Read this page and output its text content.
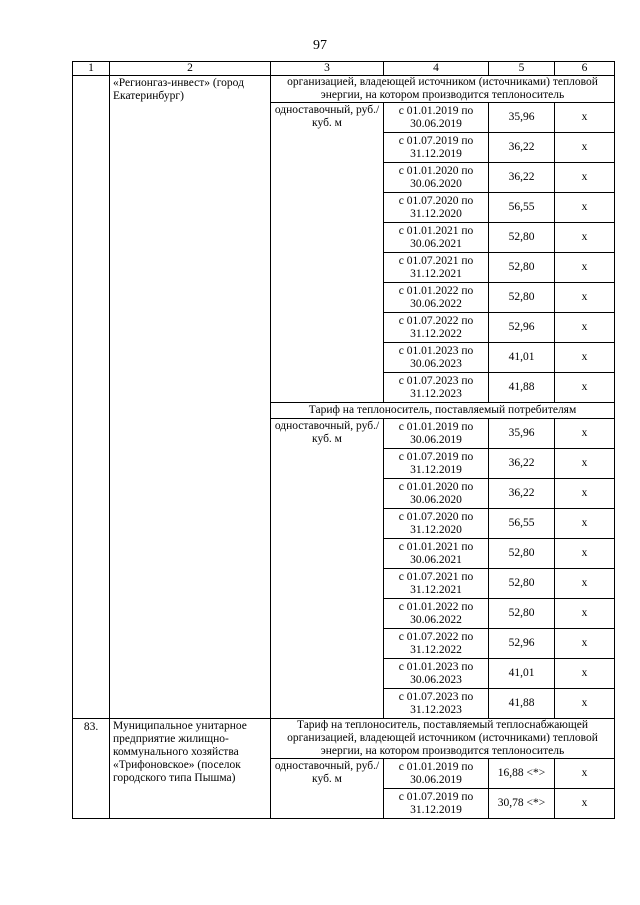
97
1	2	3	4	5	6
	«Регионгаз-инвест» (город Екатеринбург)	организацией, владеющей источником (источниками) тепловой энергии, на котором производится теплоноситель			
		одноставочный, руб./куб. м	с 01.01.2019 по 30.06.2019	35,96	х
			с 01.07.2019 по 31.12.2019	36,22	х
			с 01.01.2020 по 30.06.2020	36,22	х
			с 01.07.2020 по 31.12.2020	56,55	х
			с 01.01.2021 по 30.06.2021	52,80	х
			с 01.07.2021 по 31.12.2021	52,80	х
			с 01.01.2022 по 30.06.2022	52,80	х
			с 01.07.2022 по 31.12.2022	52,96	х
			с 01.01.2023 по 30.06.2023	41,01	х
			с 01.07.2023 по 31.12.2023	41,88	х
		Тариф на теплоноситель, поставляемый потребителям			
		одноставочный, руб./куб. м	с 01.01.2019 по 30.06.2019	35,96	х
			с 01.07.2019 по 31.12.2019	36,22	х
			с 01.01.2020 по 30.06.2020	36,22	х
			с 01.07.2020 по 31.12.2020	56,55	х
			с 01.01.2021 по 30.06.2021	52,80	х
			с 01.07.2021 по 31.12.2021	52,80	х
			с 01.01.2022 по 30.06.2022	52,80	х
			с 01.07.2022 по 31.12.2022	52,96	х
			с 01.01.2023 по 30.06.2023	41,01	х
			с 01.07.2023 по 31.12.2023	41,88	х
83.	Муниципальное унитарное предприятие жилищно-коммунального хозяйства «Трифоновское» (поселок городского типа Пышма)	Тариф на теплоноситель, поставляемый теплоснабжающей организацией, владеющей источником (источниками) тепловой энергии, на котором производится теплоноситель			
		одноставочный, руб./куб. м	с 01.01.2019 по 30.06.2019	16,88 <*>	х
			с 01.07.2019 по 31.12.2019	30,78 <*>	х
